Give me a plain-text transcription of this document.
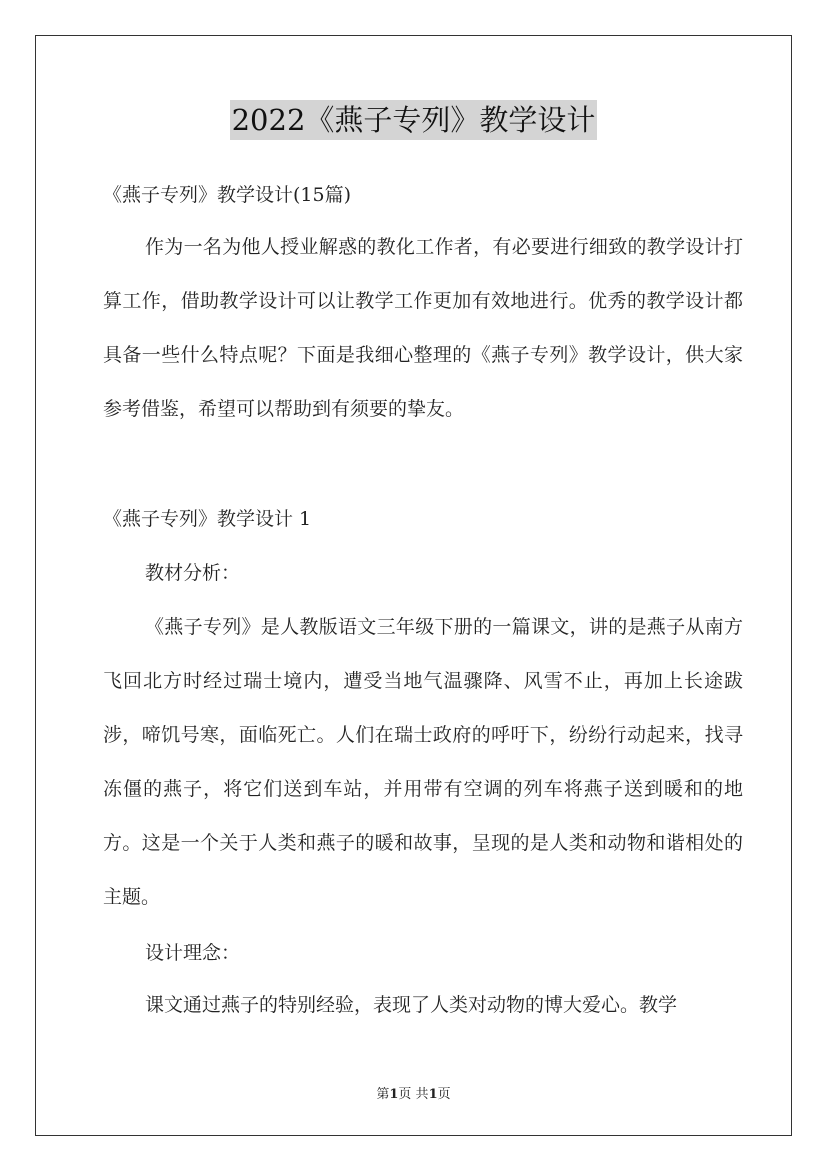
2022《燕子专列》教学设计
《燕子专列》教学设计(15篇)

作为一名为他人授业解惑的教化工作者，有必要进行细致的教学设计打算工作，借助教学设计可以让教学工作更加有效地进行。优秀的教学设计都具备一些什么特点呢？下面是我细心整理的《燕子专列》教学设计，供大家参考借鉴，希望可以帮助到有须要的挚友。

《燕子专列》教学设计 1
教材分析：

《燕子专列》是人教版语文三年级下册的一篇课文，讲的是燕子从南方飞回北方时经过瑞士境内，遭受当地气温骤降、风雪不止，再加上长途跋涉，啼饥号寒，面临死亡。人们在瑞士政府的呼吁下，纷纷行动起来，找寻冻僵的燕子，将它们送到车站，并用带有空调的列车将燕子送到暖和的地方。这是一个关于人类和燕子的暖和故事，呈现的是人类和动物和谐相处的主题。

设计理念：

课文通过燕子的特别经验，表现了人类对动物的博大爱心。教学

第1页 共1页
